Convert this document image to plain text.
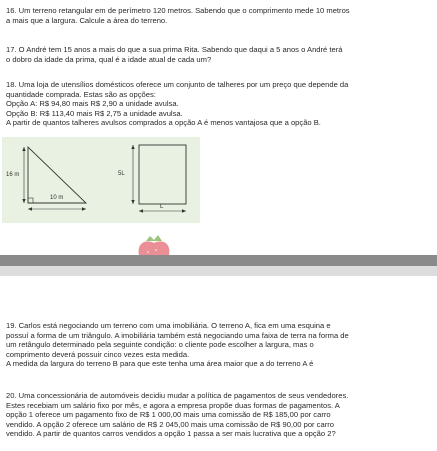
16. Um terreno retangular em de perímetro 120 metros. Sabendo que o comprimento mede 10 metros

a mais que a largura. Calcule a área do terreno.

17. O André tem 15 anos a mais do que a sua prima Rita. Sabendo que daqui a 5 anos o André terá

o dobro da idade da prima, qual é a idade atual de cada um?

18. Uma loja de utensílios domésticos oferece um conjunto de talheres por um preço que depende da

quantidade comprada. Estas são as opções:

Opção A: R$ 94,80 mais R$ 2,90 a unidade avulsa.

Opção B: R$ 113,40 mais R$ 2,75 a unidade avulsa.

A partir de quantos talheres avulsos comprados a opção A é menos vantajosa que a opção B.

16 m
10 m
5L
L

19. Carlos está negociando um terreno com uma imobiliária. O terreno A, fica em uma esquina e

possuí a forma de um triângulo. A imobiliária também está negociando uma faixa de terra na forma de

um retângulo determinado pela seguinte condição: o cliente pode escolher a largura, mas o

comprimento deverá possuir cinco vezes esta medida.

A medida da largura do terreno B para que este tenha uma área maior que a do terreno A é

20. Uma concessionária de automóveis decidiu mudar a política de pagamentos de seus vendedores.

Estes recebiam um salário fixo por mês, e agora a empresa propõe duas formas de pagamentos. A

opção 1 oferece um pagamento fixo de R$ 1 000,00 mais uma comissão de R$ 185,00 por carro

vendido. A opção 2 oferece um salário de R$ 2 045,00 mais uma comissão de R$ 90,00 por carro

vendido. A partir de quantos carros vendidos a opção 1 passa a ser mais lucrativa que a opção 2?
